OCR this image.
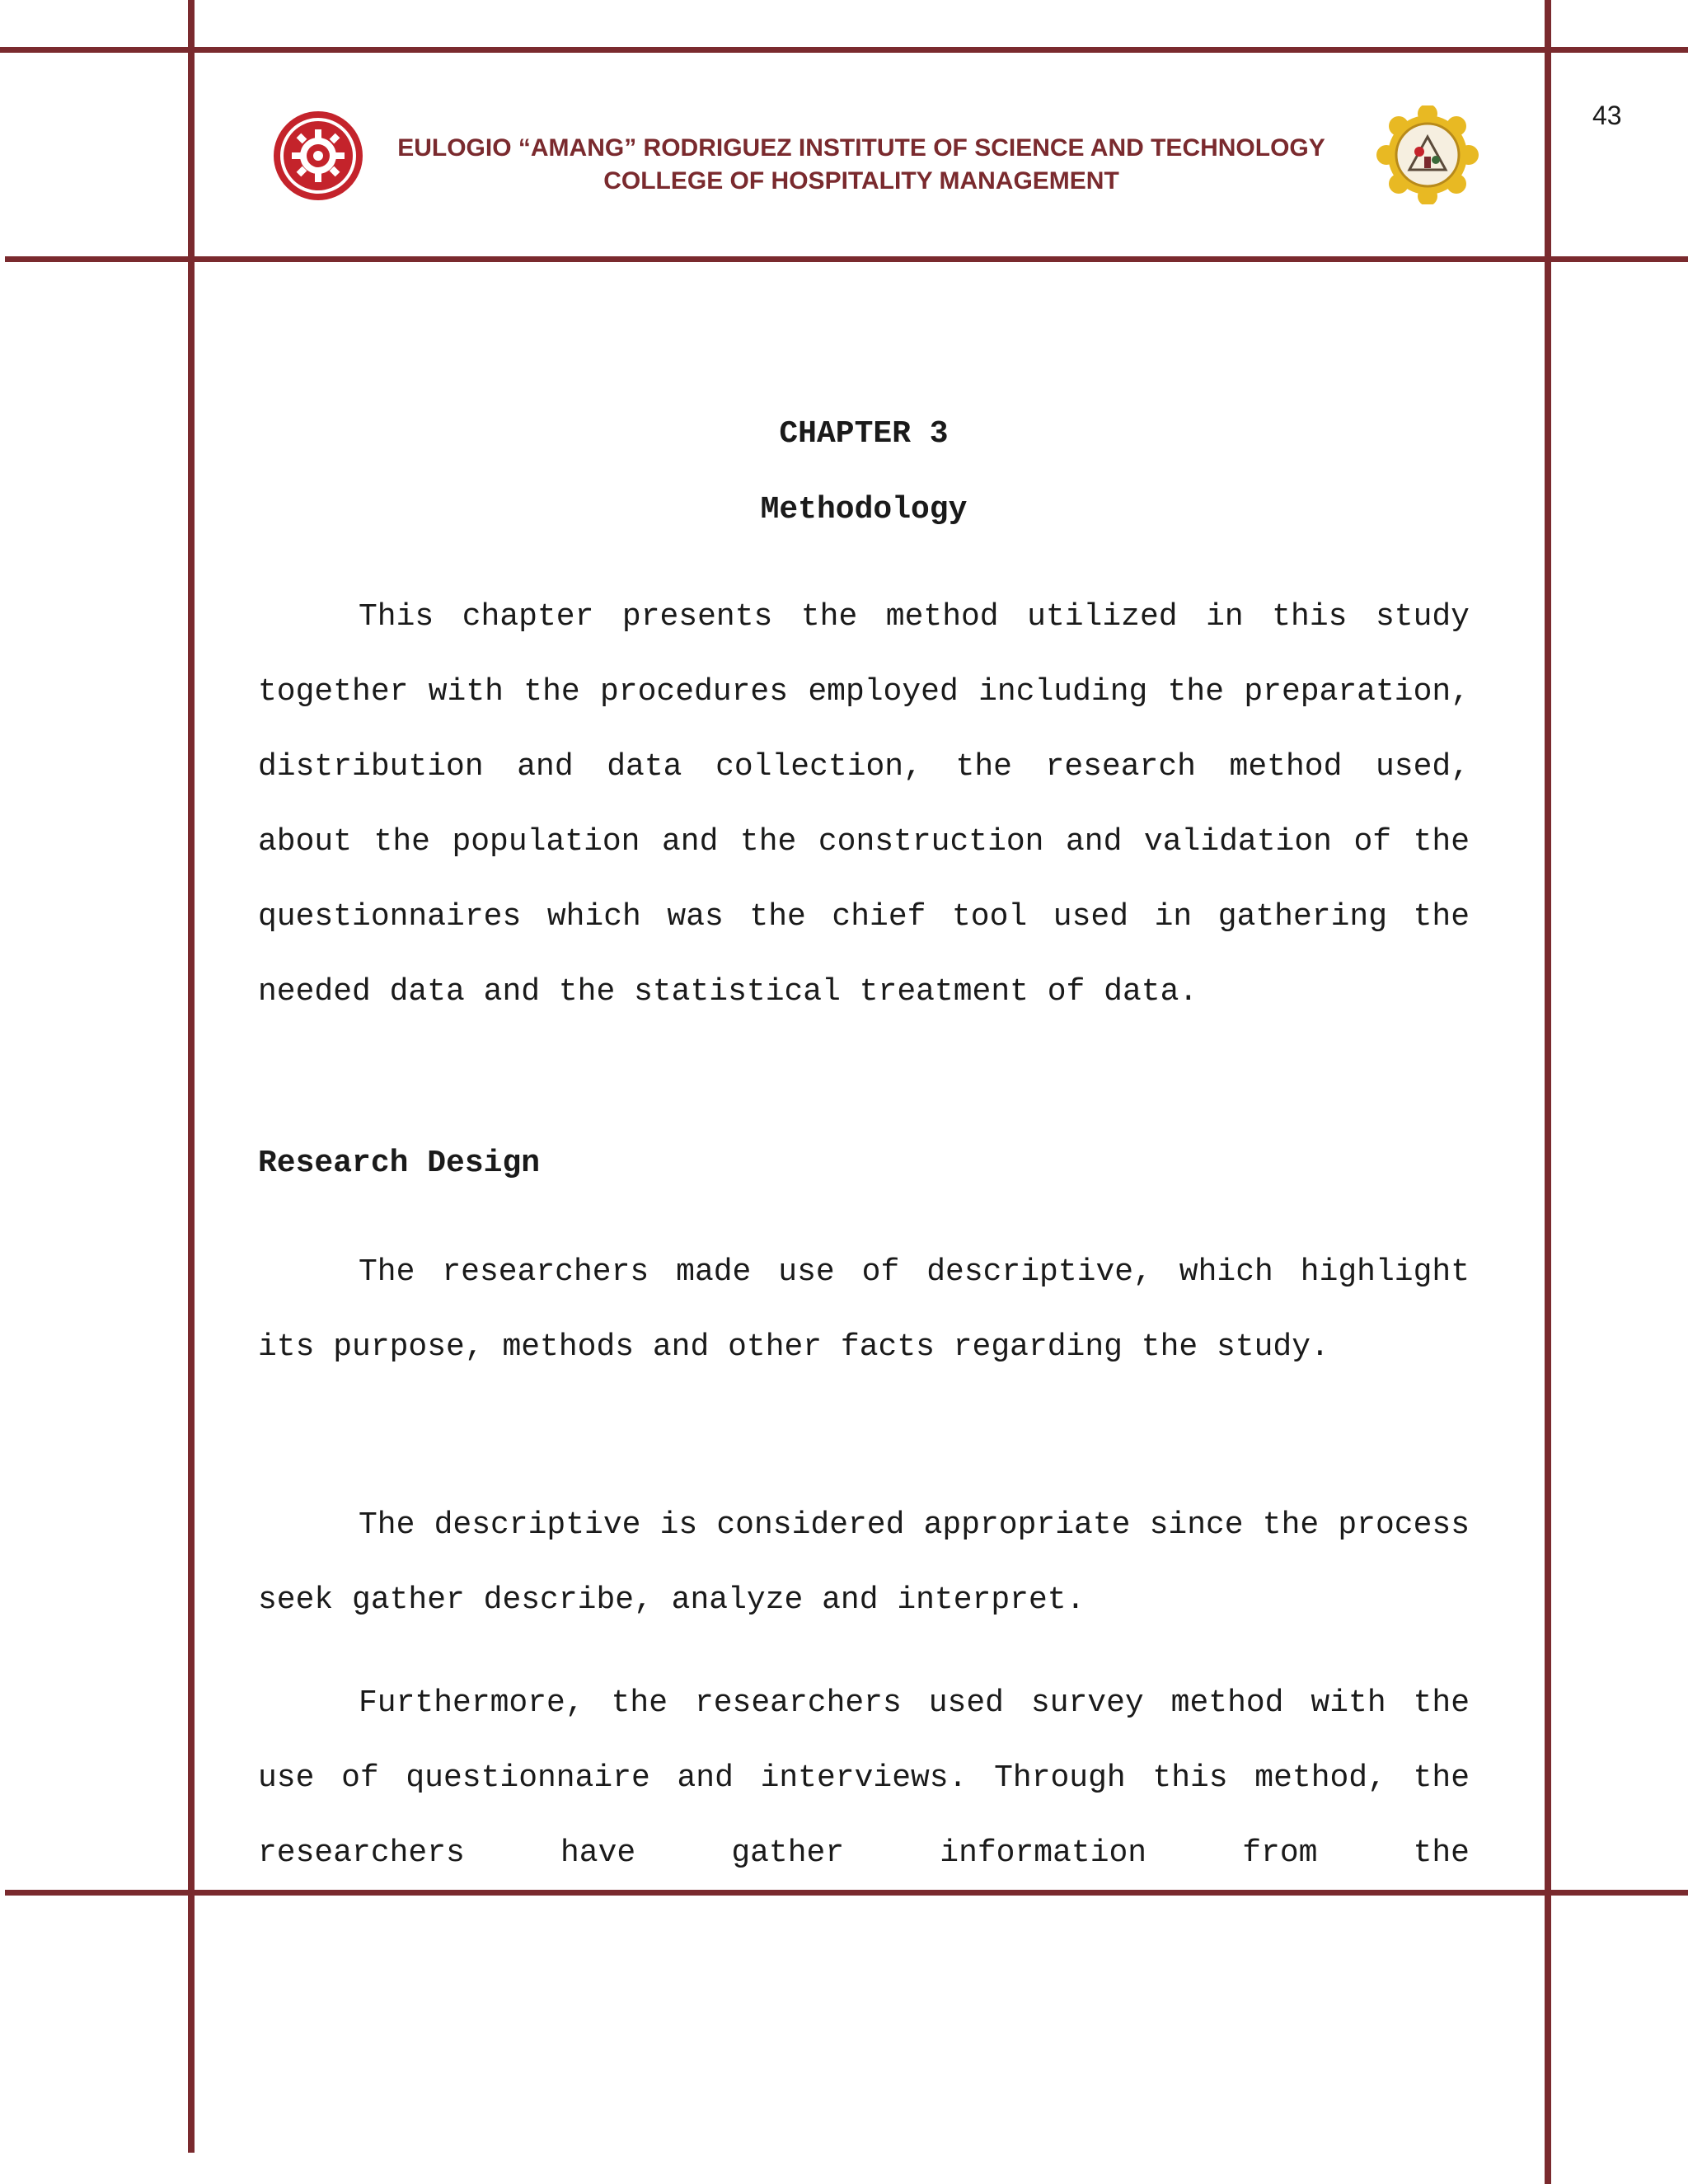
43
EULOGIO “AMANG” RODRIGUEZ INSTITUTE OF SCIENCE AND TECHNOLOGY
COLLEGE OF HOSPITALITY MANAGEMENT
CHAPTER 3
Methodology

This chapter presents the method utilized in this study together with the procedures employed including the preparation, distribution and data collection, the research method used, about the population and the construction and validation of the questionnaires which was the chief tool used in gathering the needed data and the statistical treatment of data.

Research Design

The researchers made use of descriptive, which highlight its purpose, methods and other facts regarding the study.

The descriptive is considered appropriate since the process seek gather describe, analyze and interpret.

Furthermore, the researchers used survey method with the use of questionnaire and interviews. Through this method, the researchers have gather information from the
